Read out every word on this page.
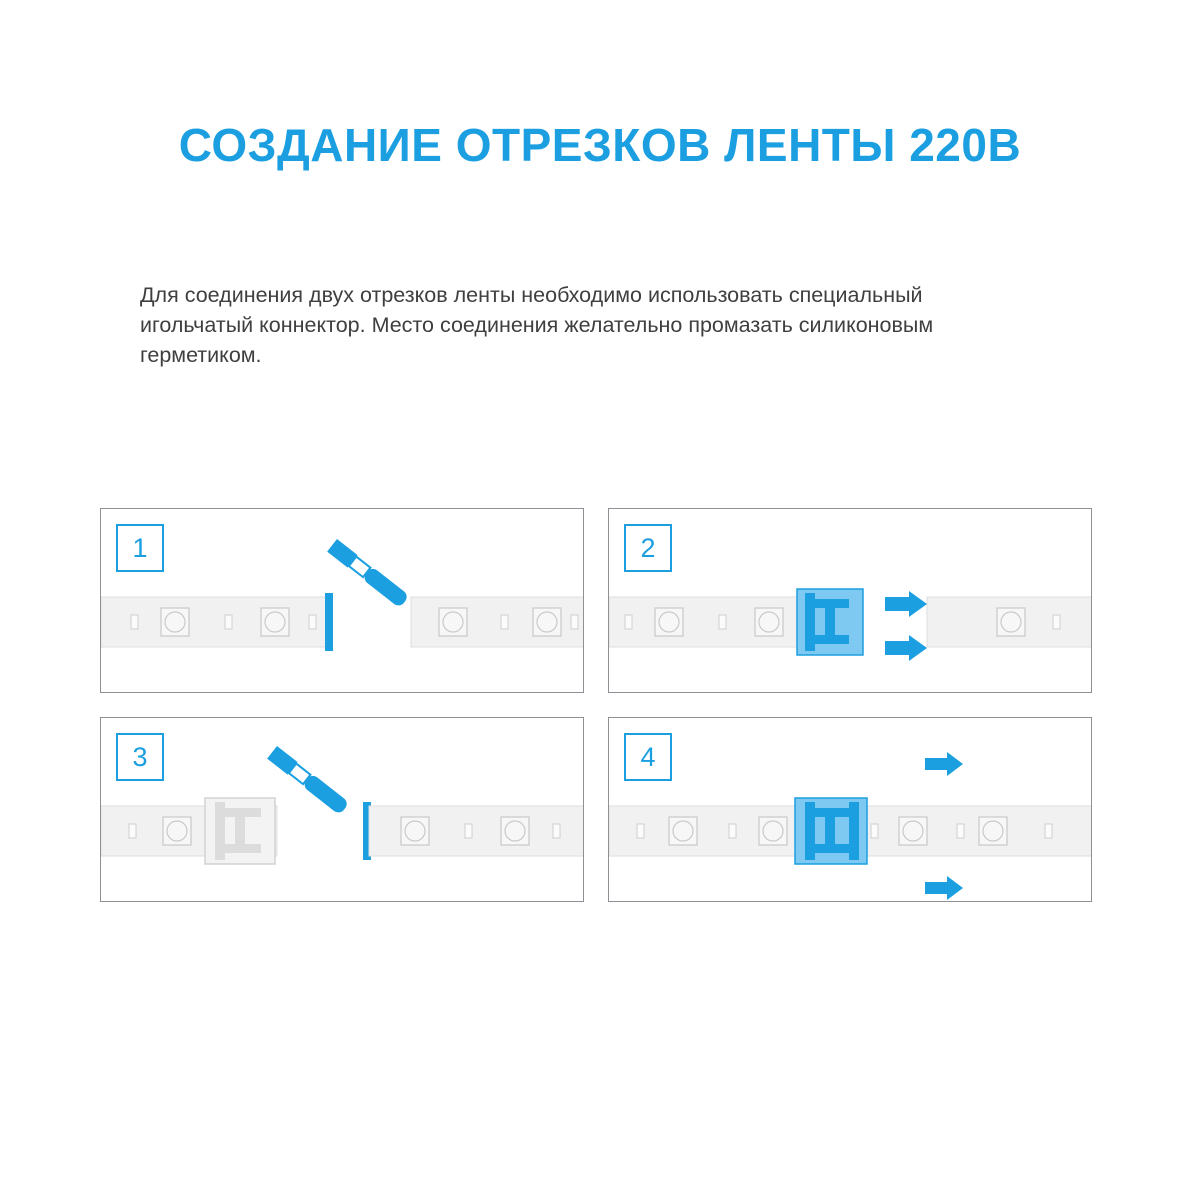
СОЗДАНИЕ ОТРЕЗКОВ ЛЕНТЫ 220В
Для соединения двух отрезков ленты необходимо использовать специальный игольчатый коннектор. Место соединения желательно промазать силиконовым герметиком.
1	2
3	4
